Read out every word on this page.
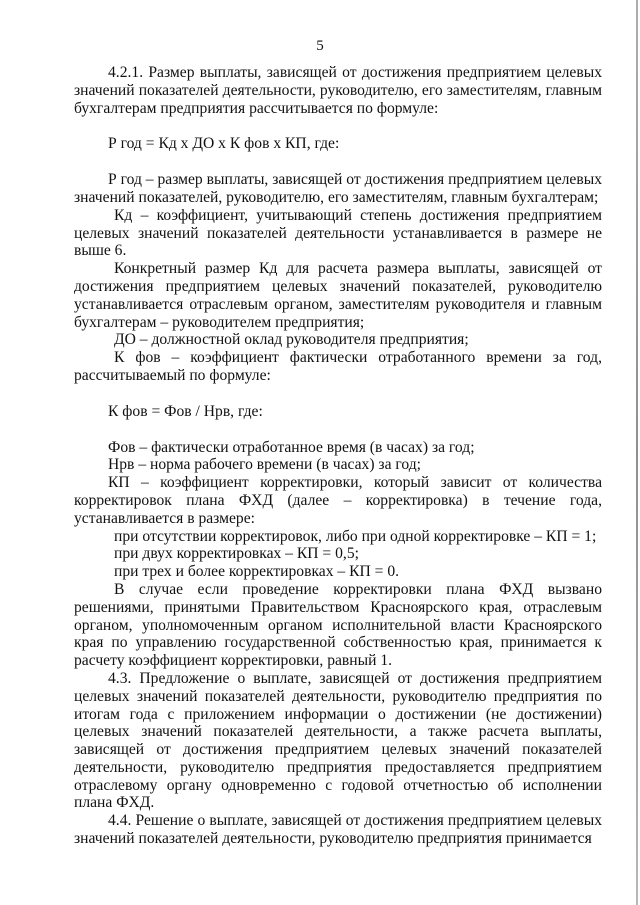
5

4.2.1. Размер выплаты, зависящей от достижения предприятием целевых значений показателей деятельности, руководителю, его заместителям, главным бухгалтерам предприятия рассчитывается по формуле:

Р год = Кд х ДО х К фов х КП, где:

Р год – размер выплаты, зависящей от достижения предприятием целевых значений показателей, руководителю, его заместителям, главным бухгалтерам;

Кд – коэффициент, учитывающий степень достижения предприятием целевых значений показателей деятельности устанавливается в размере не выше 6.

Конкретный размер Кд для расчета размера выплаты, зависящей от достижения предприятием целевых значений показателей, руководителю устанавливается отраслевым органом, заместителям руководителя и главным бухгалтерам – руководителем предприятия;

ДО – должностной оклад руководителя предприятия;

К фов – коэффициент фактически отработанного времени за год, рассчитываемый по формуле:

К фов = Фов / Нрв, где:

Фов – фактически отработанное время (в часах) за год;

Нрв – норма рабочего времени (в часах) за год;

КП – коэффициент корректировки, который зависит от количества корректировок плана ФХД (далее – корректировка) в течение года, устанавливается в размере:

при отсутствии корректировок, либо при одной корректировке – КП = 1;

при двух корректировках – КП = 0,5;

при трех и более корректировках – КП = 0.

В случае если проведение корректировки плана ФХД вызвано решениями, принятыми Правительством Красноярского края, отраслевым органом, уполномоченным органом исполнительной власти Красноярского края по управлению государственной собственностью края, принимается к расчету коэффициент корректировки, равный 1.

4.3. Предложение о выплате, зависящей от достижения предприятием целевых значений показателей деятельности, руководителю предприятия по итогам года с приложением информации о достижении (не достижении) целевых значений показателей деятельности, а также расчета выплаты, зависящей от достижения предприятием целевых значений показателей деятельности, руководителю предприятия предоставляется предприятием отраслевому органу одновременно с годовой отчетностью об исполнении плана ФХД.

4.4. Решение о выплате, зависящей от достижения предприятием целевых значений показателей деятельности, руководителю предприятия принимается
